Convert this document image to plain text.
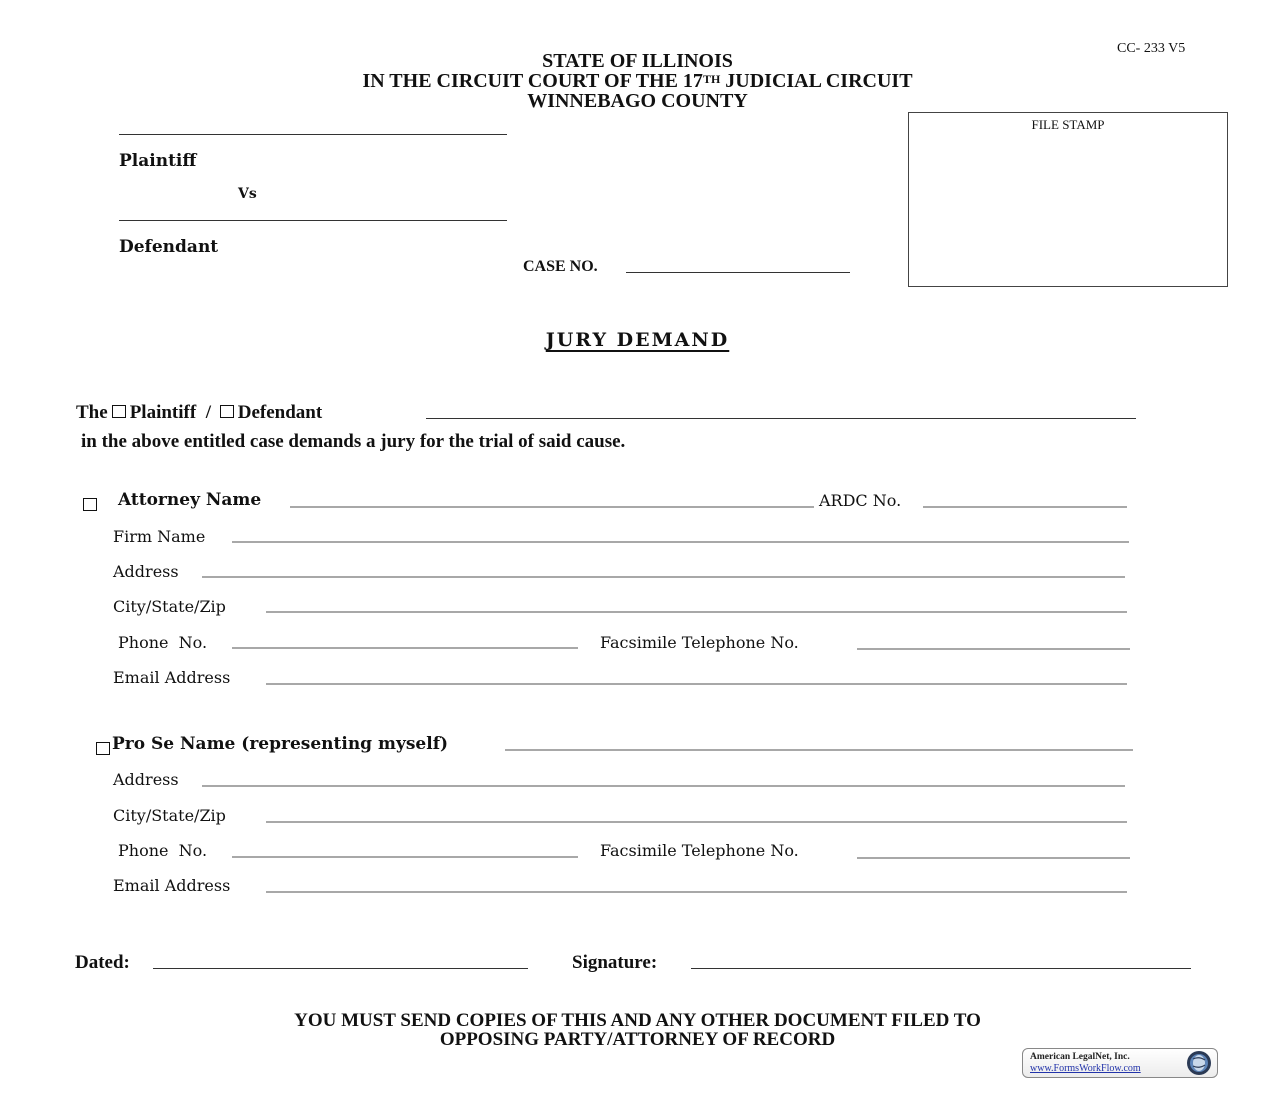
STATE OF ILLINOIS
IN THE CIRCUIT COURT OF THE 17TH JUDICIAL CIRCUIT
WINNEBAGO COUNTY
CC- 233 V5
FILE STAMP
Plaintiff
Vs
Defendant
CASE NO.
JURY DEMAND
The Plaintiff / Defendant
in the above entitled case demands a jury for the trial of said cause.

Attorney Name	ARDC No.
Firm Name
Address
City/State/Zip
Phone  No.	Facsimile Telephone No.
Email Address
Pro Se Name (representing myself)
Address
City/State/Zip
Phone  No.	Facsimile Telephone No.
Email Address
Dated:	Signature:
YOU MUST SEND COPIES OF THIS AND ANY OTHER DOCUMENT FILED TO
OPPOSING PARTY/ATTORNEY OF RECORD
American LegalNet, Inc.
www.FormsWorkFlow.com
